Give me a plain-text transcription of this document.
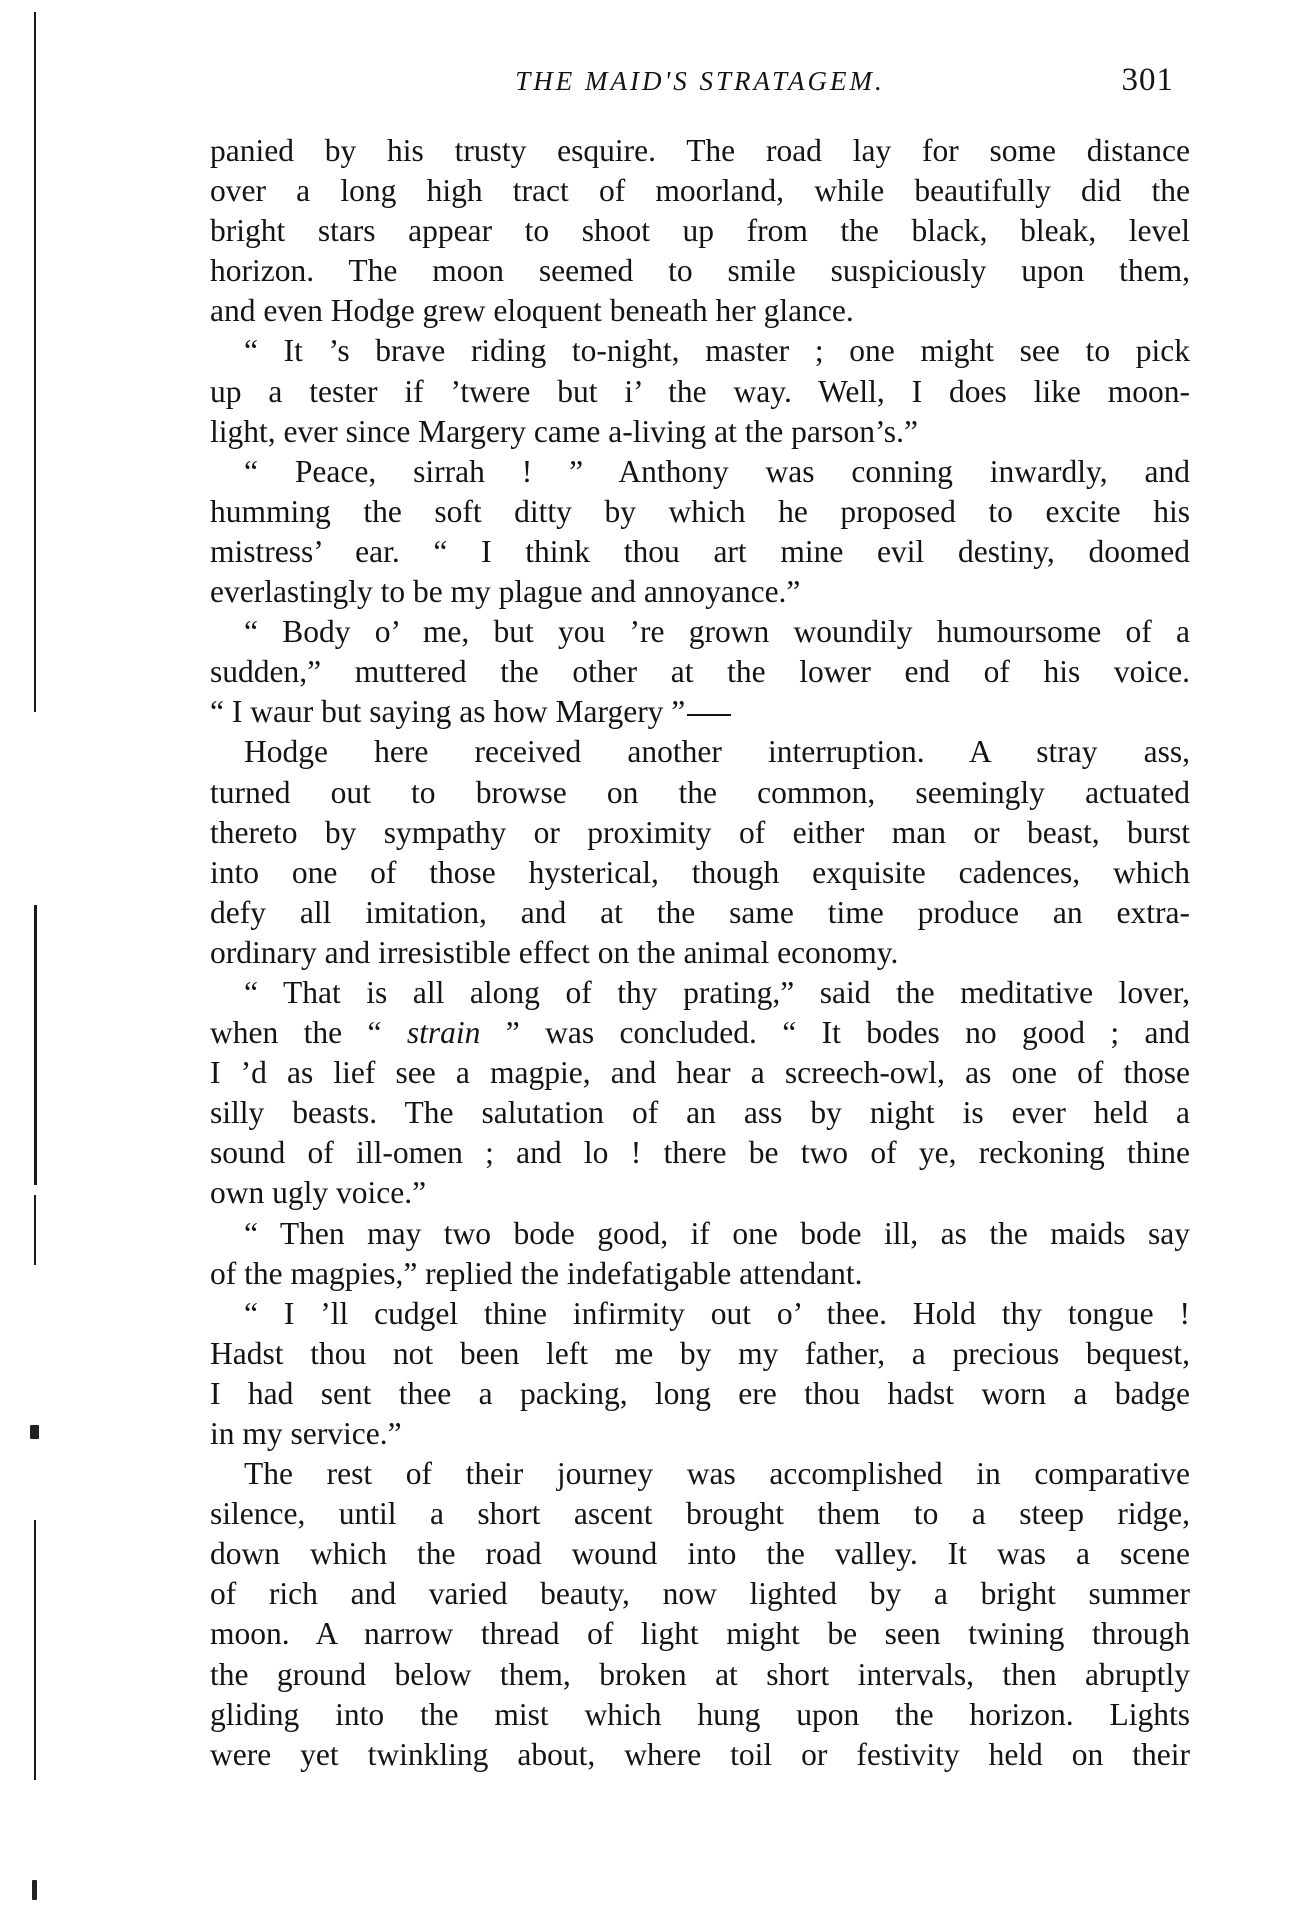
THE MAID'S STRATAGEM.	301
panied by his trusty esquire. The road lay for some distance
over a long high tract of moorland, while beautifully did the
bright stars appear to shoot up from the black, bleak, level
horizon. The moon seemed to smile suspiciously upon them,
and even Hodge grew eloquent beneath her glance.
“ It ’s brave riding to-night, master ; one might see to pick
up a tester if ’twere but i’ the way. Well, I does like moon-
light, ever since Margery came a-living at the parson’s.”
“ Peace, sirrah ! ” Anthony was conning inwardly, and
humming the soft ditty by which he proposed to excite his
mistress’ ear. “ I think thou art mine evil destiny, doomed
everlastingly to be my plague and annoyance.”
“ Body o’ me, but you ’re grown woundily humoursome of a
sudden,” muttered the other at the lower end of his voice.
“ I waur but saying as how Margery ”
Hodge here received another interruption. A stray ass,
turned out to browse on the common, seemingly actuated
thereto by sympathy or proximity of either man or beast, burst
into one of those hysterical, though exquisite cadences, which
defy all imitation, and at the same time produce an extra-
ordinary and irresistible effect on the animal economy.
“ That is all along of thy prating,” said the meditative lover,
when the “ strain ” was concluded. “ It bodes no good ; and
I ’d as lief see a magpie, and hear a screech-owl, as one of those
silly beasts. The salutation of an ass by night is ever held a
sound of ill-omen ; and lo ! there be two of ye, reckoning thine
own ugly voice.”
“ Then may two bode good, if one bode ill, as the maids say
of the magpies,” replied the indefatigable attendant.
“ I ’ll cudgel thine infirmity out o’ thee. Hold thy tongue !
Hadst thou not been left me by my father, a precious bequest,
I had sent thee a packing, long ere thou hadst worn a badge
in my service.”
The rest of their journey was accomplished in comparative
silence, until a short ascent brought them to a steep ridge,
down which the road wound into the valley. It was a scene
of rich and varied beauty, now lighted by a bright summer
moon. A narrow thread of light might be seen twining through
the ground below them, broken at short intervals, then abruptly
gliding into the mist which hung upon the horizon. Lights
were yet twinkling about, where toil or festivity held on their
